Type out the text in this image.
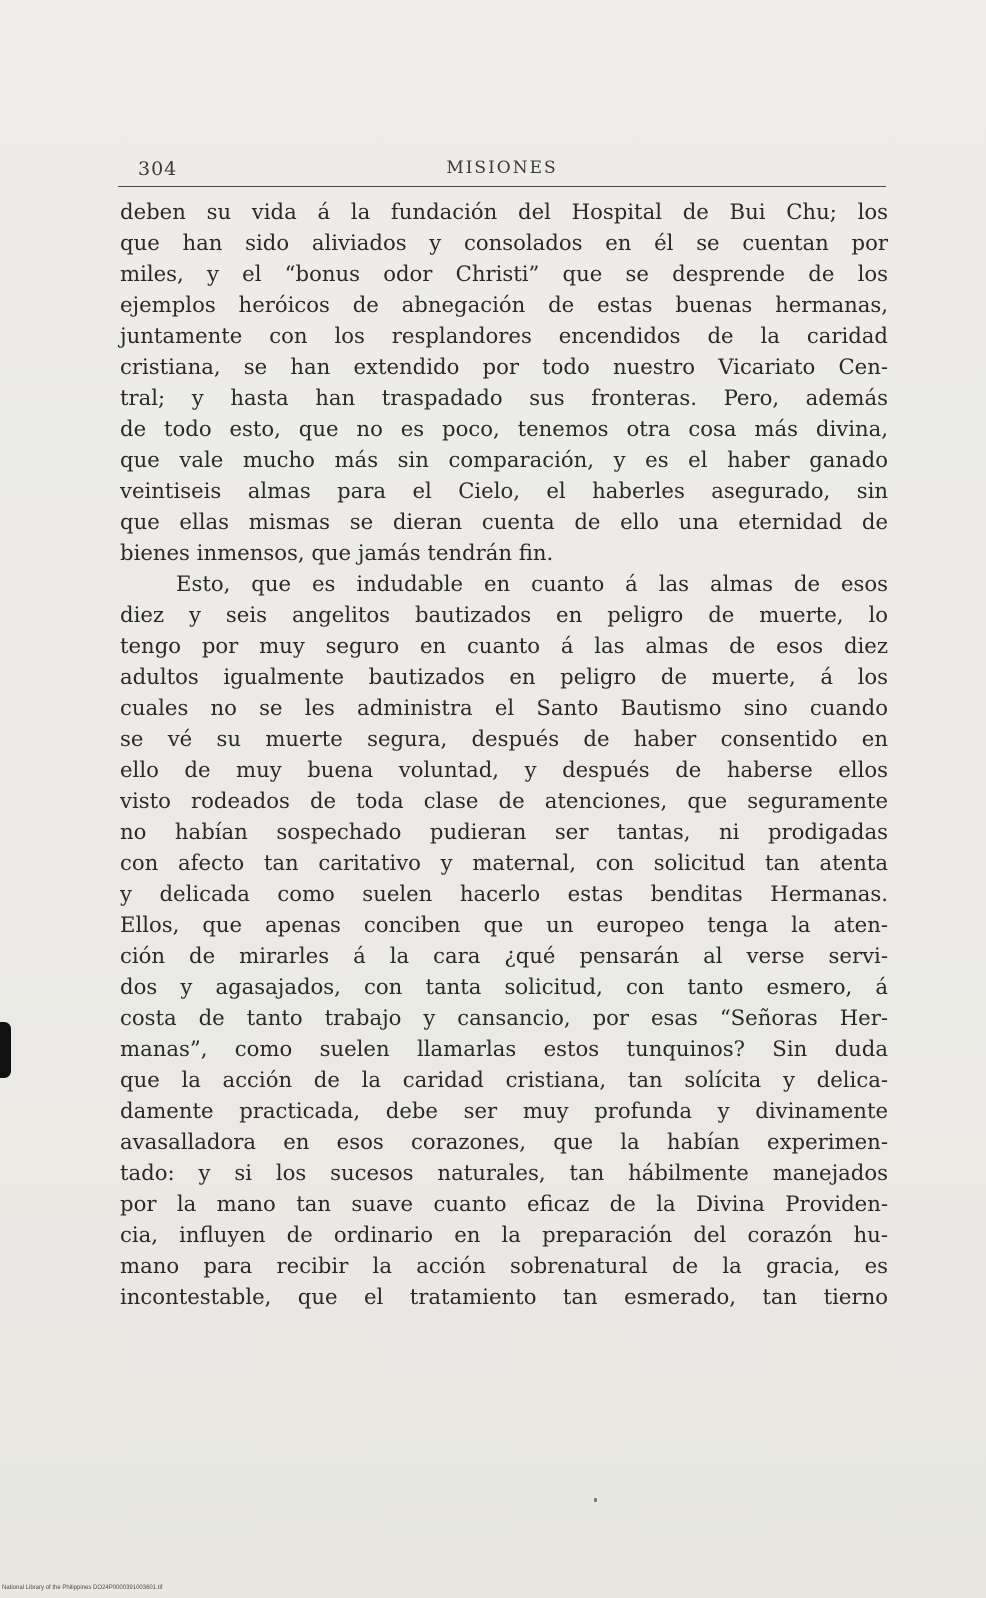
304	MISIONES
deben su vida á la fundación del Hospital de Bui Chu; los
que han sido aliviados y consolados en él se cuentan por
miles, y el “bonus odor Christi” que se desprende de los
ejemplos heróicos de abnegación de estas buenas hermanas,
juntamente con los resplandores encendidos de la caridad
cristiana, se han extendido por todo nuestro Vicariato Cen-
tral; y hasta han traspadado sus fronteras. Pero, además
de todo esto, que no es poco, tenemos otra cosa más divina,
que vale mucho más sin comparación, y es el haber ganado
veintiseis almas para el Cielo, el haberles asegurado, sin
que ellas mismas se dieran cuenta de ello una eternidad de
bienes inmensos, que jamás tendrán fin.
Esto, que es indudable en cuanto á las almas de esos
diez y seis angelitos bautizados en peligro de muerte, lo
tengo por muy seguro en cuanto á las almas de esos diez
adultos igualmente bautizados en peligro de muerte, á los
cuales no se les administra el Santo Bautismo sino cuando
se vé su muerte segura, después de haber consentido en
ello de muy buena voluntad, y después de haberse ellos
visto rodeados de toda clase de atenciones, que seguramente
no habían sospechado pudieran ser tantas, ni prodigadas
con afecto tan caritativo y maternal, con solicitud tan atenta
y delicada como suelen hacerlo estas benditas Hermanas.
Ellos, que apenas conciben que un europeo tenga la aten-
ción de mirarles á la cara ¿qué pensarán al verse servi-
dos y agasajados, con tanta solicitud, con tanto esmero, á
costa de tanto trabajo y cansancio, por esas “Señoras Her-
manas”, como suelen llamarlas estos tunquinos? Sin duda
que la acción de la caridad cristiana, tan solícita y delica-
damente practicada, debe ser muy profunda y divinamente
avasalladora en esos corazones, que la habían experimen-
tado: y si los sucesos naturales, tan hábilmente manejados
por la mano tan suave cuanto eficaz de la Divina Providen-
cia, influyen de ordinario en la preparación del corazón hu-
mano para recibir la acción sobrenatural de la gracia, es
incontestable, que el tratamiento tan esmerado, tan tierno
National Library of the Philippines DO24P0000391003601.tif
